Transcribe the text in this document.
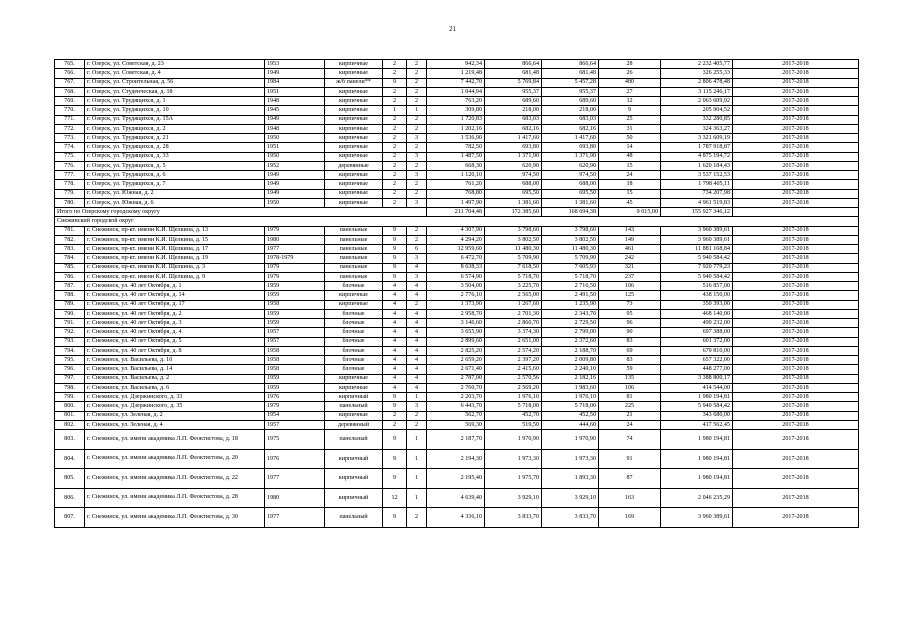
21
765.	г. Озерск, ул. Советская, д. 23	1953	кирпичные	2	2	942,34	866,64	866,64	28	2 232 405,77	2017-2018
766.	г. Озерск, ул. Советская, д. 4	1949	кирпичные	2	2	1 219,48	681,48	681,48	26	326 255,33	2017-2018
767.	г. Озерск, ул. Строительная, д. 56	1984	ж/б панели**	9	2	7 442,70	5 769,84	5 457,28	480	2 806 478,48	2017-2018
768.	г. Озерск, ул. Студенческая, д. 18	1951	кирпичные	2	2	1 044,94	955,37	955,37	27	3 115 246,17	2017-2018
769.	г. Озерск, ул. Трудящихся, д. 1	1948	кирпичные	2	2	763,20	689,60	689,60	12	2 063 609,92	2017-2018
770.	г. Озерск, ул. Трудящихся, д. 10	1945	кирпичные	1	1	309,80	218,00	218,00	9	205 904,52	2017-2018
771.	г. Озерск, ул. Трудящихся, д. 15А	1949	кирпичные	2	2	1 720,83	683,03	683,03	25	332 280,85	2017-2018
772.	г. Озерск, ул. Трудящихся, д. 2	1948	кирпичные	2	2	1 202,16	682,16	682,16	31	324 363,27	2017-2018
773.	г. Озерск, ул. Трудящихся, д. 21	1950	кирпичные	2	3	1 536,90	1 417,60	1 417,60	50	3 321 609,19	2017-2018
774.	г. Озерск, ул. Трудящихся, д. 28	1951	кирпичные	2	2	782,50	693,80	693,80	14	1 787 918,87	2017-2018
775.	г. Озерск, ул. Трудящихся, д. 33	1950	кирпичные	2	3	1 487,50	1 371,90	1 371,90	48	4 875 194,72	2017-2018
776.	г. Озерск, ул. Трудящихся, д. 5	1952	деревянные	2	2	668,30	620,90	620,90	15	1 620 184,43	2017-2018
777.	г. Озерск, ул. Трудящихся, д. 6	1949	кирпичные	2	3	1 120,10	974,50	974,50	24	3 537 152,53	2017-2018
778.	г. Озерск, ул. Трудящихся, д. 7	1949	кирпичные	2	2	761,20	688,00	688,00	18	1 798 405,11	2017-2018
779.	г. Озерск, ул. Южная, д. 2	1949	кирпичные	2	2	768,80	695,50	695,50	15	734 207,98	2017-2018
780.	г. Озерск, ул. Южная, д. 6	1950	кирпичные	2	3	1 497,90	1 381,60	1 381,60	45	4 961 519,83	2017-2018
Итого по Озерскому городскому округу						211 704,48	172 385,60	168 694,38	9 015,00	155 927 346,12	
Снежинский городской округ											
781.	г. Снежинск, пр-кт. имени К.И. Щелкина, д. 13	1979	панельные	9	2	4 307,90	3 798,60	3 798,60	143	3 960 389,61	2017-2018
782.	г. Снежинск, пр-кт. имени К.И. Щелкина, д. 15	1980	панельные	9	2	4 294,20	3 802,50	3 802,50	149	3 960 389,61	2017-2018
783.	г. Снежинск, пр-кт. имени К.И. Щелкина, д. 17	1977	панельные	9	6	12 959,60	11 480,30	11 480,30	461	11 881 168,84	2017-2018
784.	г. Снежинск, пр-кт. имени К.И. Щелкина, д. 19	1978-1979	панельные	9	3	6 472,70	5 709,90	5 709,90	242	5 940 584,42	2017-2018
785.	г. Снежинск, пр-кт. имени К.И. Щелкина, д. 3	1979	панельные	9	4	8 638,33	7 618,50	7 605,93	321	7 920 779,23	2017-2018
786.	г. Снежинск, пр-кт. имени К.И. Щелкина, д. 9	1979	панельные	9	3	6 574,90	5 718,70	5 718,70	237	5 940 584,42	2017-2018
787.	г. Снежинск, ул. 40 лет Октября, д. 1	1959	блочные	4	4	3 504,00	3 225,70	2 716,50	106	516 857,00	2017-2018
788.	г. Снежинск, ул. 40 лет Октября, д. 14	1959	кирпичные	4	4	2 776,10	2 565,00	2 491,50	125	438 150,00	2017-2018
789.	г. Снежинск, ул. 40 лет Октября, д. 17	1958	кирпичные	4	2	1 373,90	1 267,60	1 235,90	73	350 393,00	2017-2018
790.	г. Снежинск, ул. 40 лет Октября, д. 2	1959	блочные	4	4	2 958,70	2 701,30	2 343,70	95	468 140,00	2017-2018
791.	г. Снежинск, ул. 40 лет Октября, д. 3	1959	блочные	4	4	3 146,60	2 860,70	2 729,50	96	499 232,00	2017-2018
792.	г. Снежинск, ул. 40 лет Октября, д. 4	1957	блочные	4	4	3 655,90	3 374,30	2 799,00	90	697 388,00	2017-2018
793.	г. Снежинск, ул. 40 лет Октября, д. 5	1957	блочные	4	4	2 899,60	2 651,00	2 372,60	83	601 372,00	2017-2018
794.	г. Снежинск, ул. 40 лет Октября, д. 8	1958	блочные	4	4	2 825,20	2 574,20	2 188,70	69	679 810,00	2017-2018
795.	г. Снежинск, ул. Васильева, д. 10	1958	блочные	4	4	2 659,20	2 397,20	2 009,80	83	657 322,00	2017-2018
796.	г. Снежинск, ул. Васильева, д. 14	1958	блочные	4	4	2 671,40	2 415,60	2 240,10	59	448 277,00	2017-2018
797.	г. Снежинск, ул. Васильева, д. 2	1959	кирпичные	4	4	2 787,00	2 570,56	2 182,16	135	3 388 800,17	2017-2018
798.	г. Снежинск, ул. Васильева, д. 6	1959	кирпичные	4	4	2 760,70	2 569,20	1 983,60	106	414 544,00	2017-2018
799.	г. Снежинск, ул. Дзержинского, д. 33	1976	кирпичный	9	1	2 203,70	1 976,10	1 976,10	81	1 980 194,81	2017-2018
800.	г. Снежинск, ул. Дзержинского, д. 35	1979	панельный	9	3	6 443,70	5 718,00	5 718,00	225	5 940 584,42	2017-2018
801.	г. Снежинск, ул. Зеленая, д. 2	1954	кирпичные	2	2	562,70	452,70	452,50	21	343 680,00	2017-2018
802.	г. Снежинск, ул. Зеленая, д. 4	1957	деревянный	2	2	569,30	519,50	444,60	24	417 562,45	2017-2018
803.	г. Снежинск, ул. имени академика Л.П. Феоктистова, д. 18	1975	панельный	9	1	2 187,70	1 970,90	1 970,90	74	1 980 194,81	2017-2018
804.	г. Снежинск, ул. имени академика Л.П. Феоктистова, д. 20	1976	кирпичный	9	1	2 194,30	1 973,30	1 973,30	91	1 980 194,81	2017-2018
805.	г. Снежинск, ул. имени академика Л.П. Феоктистова, д. 22	1977	кирпичный	9	1	2 195,40	1 975,70	1 893,30	87	1 980 194,81	2017-2018
806.	г. Снежинск, ул. имени академика Л.П. Феоктистова, д. 28	1980	кирпичный	12	1	4 639,40	3 929,10	3 929,10	163	2 046 235,29	2017-2018
807.	г. Снежинск, ул. имени академика Л.П. Феоктистова, д. 30	1977	панельный	9	2	4 336,10	3 833,70	3 833,70	169	3 960 389,61	2017-2018
